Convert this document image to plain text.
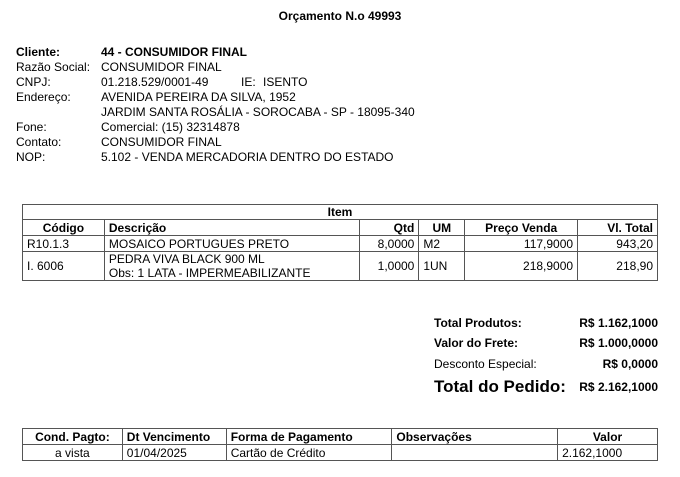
Orçamento N.o 49993
Cliente:	44 - CONSUMIDOR FINAL
Razão Social: CONSUMIDOR FINAL
CNPJ:	01.218.529/0001-49	IE: ISENTO
Endereço:	AVENIDA PEREIRA DA SILVA, 1952
JARDIM SANTA ROSÁLIA - SOROCABA - SP - 18095-340
Fone:	Comercial: (15) 32314878
Contato:	CONSUMIDOR FINAL
NOP:	5.102 - VENDA MERCADORIA DENTRO DO ESTADO
Item					
Código	Descrição	Qtd	UM	Preço Venda	Vl. Total
R10.1.3	MOSAICO PORTUGUES PRETO	8,0000	M2	117,9000	943,20
I. 6006	PEDRA VIVA BLACK 900 ML
Obs: 1 LATA - IMPERMEABILIZANTE	1,0000	1UN	218,9000	218,90
Total Produtos:	R$ 1.162,1000
Valor do Frete:	R$ 1.000,0000
Desconto Especial:	R$ 0,0000
Total do Pedido: R$ 2.162,1000
Cond. Pagto:	Dt Vencimento	Forma de Pagamento	Observações	Valor
a vista	01/04/2025	Cartão de Crédito		2.162,1000
